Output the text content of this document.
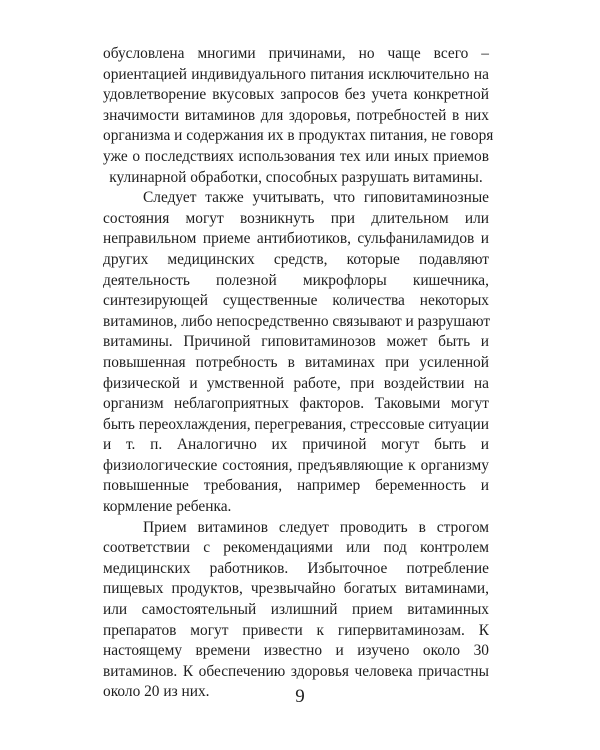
обусловлена многими причинами, но чаще всего –
ориентацией индивидуального питания исключительно на
удовлетворение вкусовых запросов без учета конкретной
значимости витаминов для здоровья, потребностей в них
организма и содержания их в продуктах питания, не говоря
уже о последствиях использования тех или иных приемов
кулинарной обработки, способных разрушать витамины.
Следует также учитывать, что гиповитаминозные
состояния могут возникнуть при длительном или
неправильном приеме антибиотиков, сульфаниламидов и
других медицинских средств, которые подавляют
деятельность полезной микрофлоры кишечника,
синтезирующей существенные количества некоторых
витаминов, либо непосредственно связывают и разрушают
витамины. Причиной гиповитаминозов может быть и
повышенная потребность в витаминах при усиленной
физической и умственной работе, при воздействии на
организм неблагоприятных факторов. Таковыми могут
быть переохлаждения, перегревания, стрессовые ситуации
и т. п. Аналогично их причиной могут быть и
физиологические состояния, предъявляющие к организму
повышенные требования, например беременность и
кормление ребенка.
Прием витаминов следует проводить в строгом
соответствии с рекомендациями или под контролем
медицинских работников. Избыточное потребление
пищевых продуктов, чрезвычайно богатых витаминами,
или самостоятельный излишний прием витаминных
препаратов могут привести к гипервитаминозам. К
настоящему времени известно и изучено около 30
витаминов. К обеспечению здоровья человека причастны
около 20 из них.	9
